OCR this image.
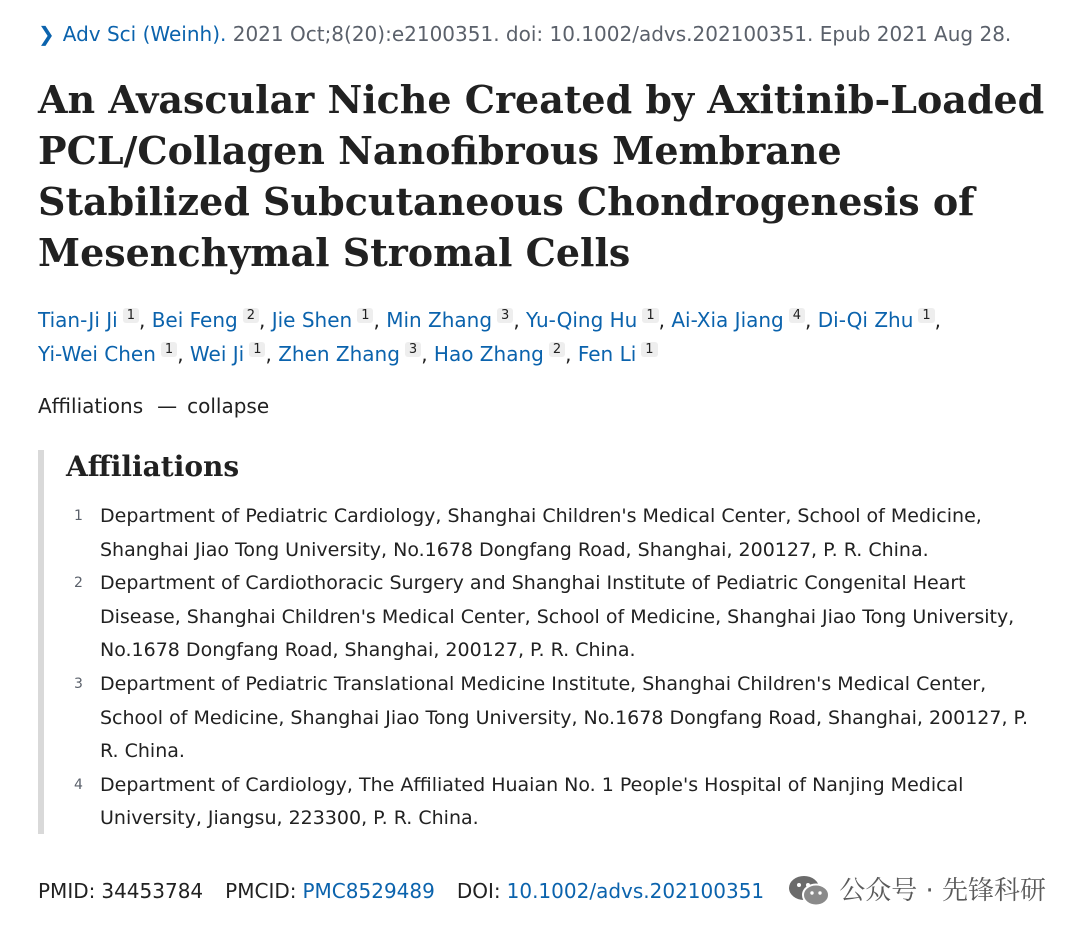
❯ Adv Sci (Weinh). 2021 Oct;8(20):e2100351. doi: 10.1002/advs.202100351. Epub 2021 Aug 28.
An Avascular Niche Created by Axitinib-Loaded PCL/Collagen Nanofibrous Membrane Stabilized Subcutaneous Chondrogenesis of Mesenchymal Stromal Cells
Tian-Ji Ji 1 , Bei Feng 2 , Jie Shen 1 , Min Zhang 3 , Yu-Qing Hu 1 , Ai-Xia Jiang 4 , Di-Qi Zhu 1 ,
Yi-Wei Chen 1 , Wei Ji 1 , Zhen Zhang 3 , Hao Zhang 2 , Fen Li 1
Affiliations — collapse
Affiliations
1 Department of Pediatric Cardiology, Shanghai Children's Medical Center, School of Medicine, Shanghai Jiao Tong University, No.1678 Dongfang Road, Shanghai, 200127, P. R. China.
2 Department of Cardiothoracic Surgery and Shanghai Institute of Pediatric Congenital Heart Disease, Shanghai Children's Medical Center, School of Medicine, Shanghai Jiao Tong University, No.1678 Dongfang Road, Shanghai, 200127, P. R. China.
3 Department of Pediatric Translational Medicine Institute, Shanghai Children's Medical Center, School of Medicine, Shanghai Jiao Tong University, No.1678 Dongfang Road, Shanghai, 200127, P. R. China.
4 Department of Cardiology, The Affiliated Huaian No. 1 People's Hospital of Nanjing Medical University, Jiangsu, 223300, P. R. China.
PMID: 34453784 PMCID: PMC8529489 DOI: 10.1002/advs.202100351	公众号 · 先锋科研
